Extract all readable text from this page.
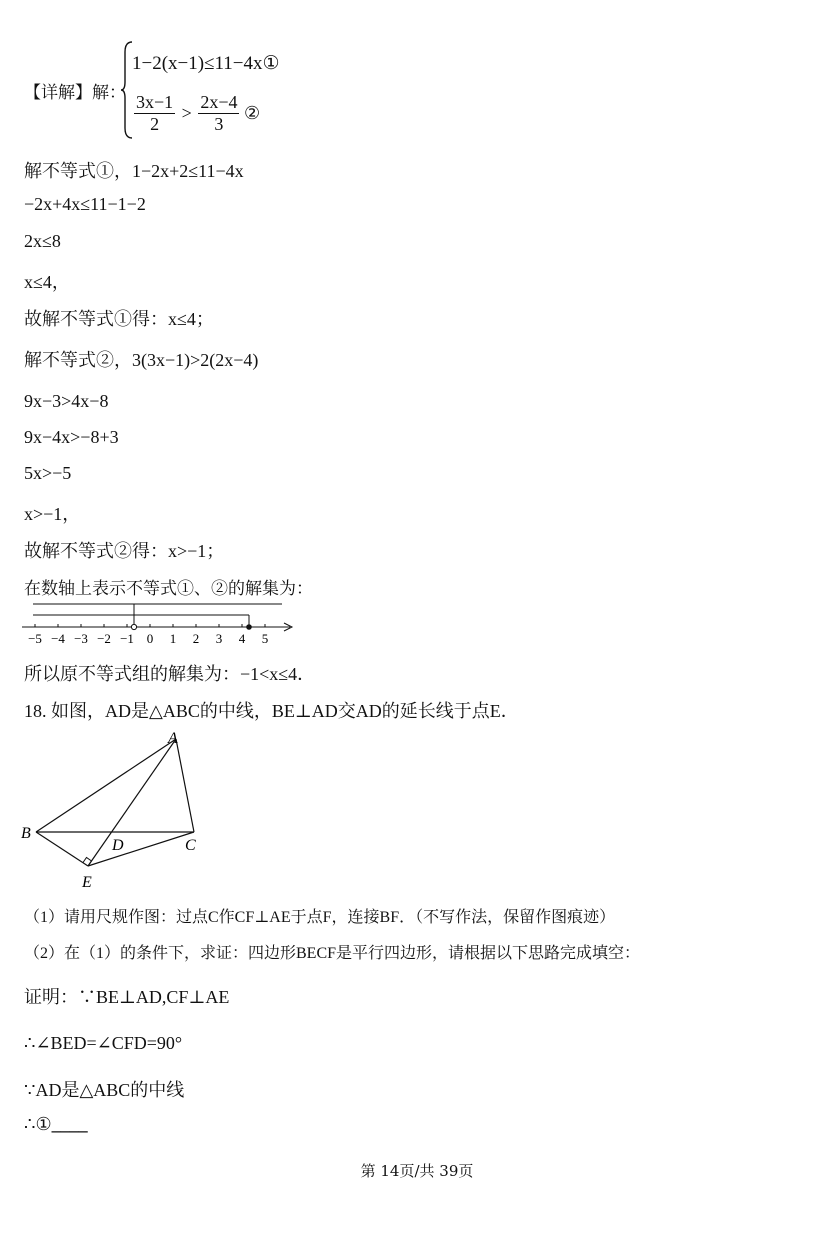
【详解】解：
1−2(x−1)≤11−4x①
$\frac{3x-1}{2} > \frac{2x-4}{3}$ ②
解不等式①，1−2x+2≤11−4x
−2x+4x≤11−1−2
2x≤8
x≤4，
故解不等式①得：x≤4；
解不等式②，3(3x−1)>2(2x−4)
9x−3>4x−8
9x−4x>−8+3
5x>−5
x>−1，
故解不等式②得：x>−1；
在数轴上表示不等式①、②的解集为：
−5 −4 −3 −2 −1 0 1 2 3 4 5
所以原不等式组的解集为：−1<x≤4．
18. 如图，AD是△ABC的中线，BE⊥AD交AD的延长线于点E．
A
B
C
D
E
（1）请用尺规作图：过点C作CF⊥AE于点F，连接BF．（不写作法，保留作图痕迹）
（2）在（1）的条件下，求证：四边形BECF是平行四边形，请根据以下思路完成填空：
证明：∵BE⊥AD,CF⊥AE
∴∠BED=∠CFD=90°
∵AD是△ABC的中线
∴①____
第 14页/共 39页
